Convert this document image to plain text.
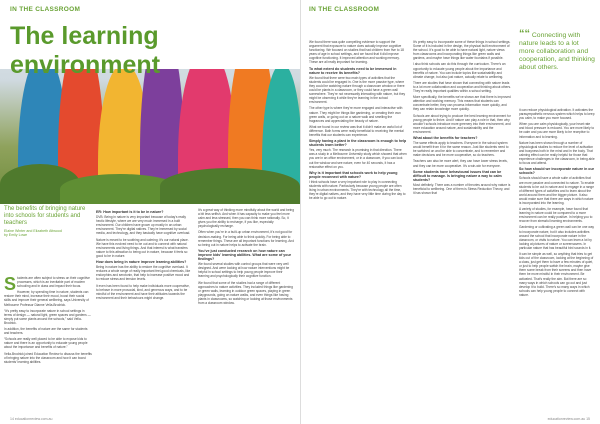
The learning environment
IN THE CLASSROOM
The benefits of bringing nature into schools for students and teachers
Elaine Winter and Elizabeth Attwood
by Emily Lowe

Students are often subject to stress on their cognitive processes, which is an inevitable part of modern schooling and in class and impact their focus.

However, by spending time in nature, students can restore their mind, increase their mood, boost their social skills and improve their general wellbeing, says University of Melbourne Professor Dianne Vella-Brodrick.

“It’s pretty easy to incorporate nature in school settings in terms of design — natural light, green spaces and gardens — simply put some plants around the schools,” said Vella-Brodrick.

In addition, the benefits of nature are the same for students and teachers.

“Schools are really well placed to be able to expose kids to nature and there is an opportunity to educate young people about the importance and benefits of nature.”

Vella-Brodrick joined Education Review to discuss the benefits of bringing nature into the classroom and how it can boost students’ learning abilities.

ER: How important is it to be in nature?

DVB: Being in nature is very important because of today’s really hectic lifestyle, where we are very much immersed in a built environment. Our children have grown up mostly in an urban environment. They’re digital natives. They’re immersed by social media, and technology, and they basically have cognitive overload.

Nature is meant to be soothing and calming; it’s our natural place. We have this evolved need to be out and to connect with natural environments and living things. And that interest is what transfers nature to this attraction to being out in nature, because it feels so good to be in nature.

How does being in nature improve learning abilities?

Being in nature has the ability to restore the cognitive overload. It reduces a whole range of really important feel-good chemicals, like endorphins and serotonin, that help to increase positive mood and to reduce stress and tension levels.

It even has been found to help make individuals more cooperative, to behave in more prosocial, kind, and generous ways, and to be mindful of the environment and have their attitudes towards the environment and their behaviours might change.

It’s a great way of thinking more mindfully about the world and being a bit less selfish. And when it has capacity to make you feel more calm and less stressed, then you can think more rationally. So, it gives you the ability to recharge, if you like, especially psychologically recharge.

Often when you’re in a built-up urban environment, it’s not good for decision-making. For being able to think quickly. For being able to remember things. These are all important functions for learning. And so being out in nature helps to activate the brain.

You’ve just conducted research on how nature can improve kids’ learning abilities. What are some of your findings?

We found several studies with control groups that were very well designed. And were looking at how nature interventions might be helpful in school settings to help young people improve their learning and psychologically their cognitive function.

We found that some of the studies had a range of different approaches to nature activities. They included things like gardening or green walls, learning in outdoor green spaces, playing in green playgrounds, going on nature walks, and even things like having plants in classrooms, so watching or looking at those environments from a classroom window.

14 educationreview.com.au
IN THE CLASSROOM

We found there was quite compelling evidence to support the argument that exposure to nature does actually improve cognitive functioning. We focused on studies that had children from five to 18 years of age in school settings, and we found that it did improve cognitive functioning. It improved attention and working memory. These are all really important for learning.

To what extent do students need to be immersed in nature to receive its benefits?

We found that there were two main types of activities that the students could be engaged in. One is the more passive type, where they could be watching nature through a classroom window or there could be plants in a classroom, or they could have a green wall somewhere. They’re not necessarily interacting with nature, but they might be observing it while they’re learning in the school environment.

The other type is where they’re more engaged and interactive with nature. They might be things like gardening, or creating their own green walls, or going out on a nature walk and smelling the fragrances and appreciating the beauty of nature.

What we found in our review was that it didn’t make an awful lot of difference. Both forms were really beneficial to receiving the mental benefits that our students can experience.

Simply having a plant in the classroom is enough to help students learn better?

Yes, very much. The research is promising in that direction. There was a study in a Melbourne University study which showed that when you are in an office environment, or in a classroom, if you can look out the window and see nature, even for 40 seconds, it has a restorative effect on you.

Why is it important that schools work to help young people reconnect with nature?

I think schools have a very important role to play in connecting students with nature. Particularly because young people are often living in urban environments. They’re with technology all the time, they’re digital natives, and they have very little time during the day to be able to go out to nature.

It’s pretty easy to incorporate some of these things in school settings. Some of it is included in the design, the physical built environment of the school. It’s good to be able to have natural light, nature views from classrooms and incorporating things like green walls and gardens, and maybe have things like water fountains if possible.

I also think schools can do this through the curriculum. There’s an opportunity to educate young people about the importance and benefits of nature. You can include topics like sustainability and climate change, but also just nature, actually relate to wellbeing.

There are studies that have shown that connecting with nature leads to a lot more collaboration and cooperation and thinking about others. They’re really important qualities within a school setting.

More specifically, the benefits we’ve shown are that there is improved attention and working memory. This means that students can concentrate better, they can process information more quickly, and they can retain knowledge more quickly.

Schools are about trying to produce the best learning environment for young people to thrive. And if nature can play a role in that, then why wouldn’t schools introduce more greenery into their environment, and more education around nature, and sustainability and the environment.

What about the benefits for teachers?

The same effects apply to teachers. Everyone in the school system would benefit from it for the same reason. Just like students need to be switched on and be able to concentrate, and to remember and make decisions and be more cooperative, so do teachers.

Teachers can also be more alert, they can have lower stress levels, and they can be more cooperative. It’s a win-win for everyone.

Some students have behavioural issues that can be difficult to manage. Is bringing nature a way to calm students?

Most definitely. There was a number of theories around why nature is beneficial to wellbeing. One of them is Stress Reduction Theory, and it has shown that

““ Connecting with nature leads to a lot more collaboration and cooperation, and thinking about others.

it can reduce physiological activation. It activates the parasympathetic nervous system which helps to keep you calm, to make you more focused.

When you are calm physiologically, your heart rate and blood pressure is reduced. You are more likely to be calm and you are more likely to be receptive to information and to learning.

Nature has been shown through a number of physiological studies to reduce the level of activation and busyness both in the mind and in the body. That calming effect can be really helpful for those that experience challenges in the classroom, in being able to focus and attend.

So how should we incorporate nature in our schools?

Schools should have a whole suite of activities that are more passive and connected to nature. To enable students to be out in nature and to engage in a range of different types of activities and to learn about the world around them and the bigger picture. It also would make sure that there are ways in which nature is incorporated into the learning.

A variety of studies, for example, have found that learning in nature could be compared to a more environment can be really positive. In helping you to recover from stressful learning environments.

Gardening or cultivating a green wall can be one way to incorporate nature, but it also includes activities around the school that incorporate nature in the classroom, or visits to nature. You can learn a lot by looking at pictures of nature or screensavers. In particular nature that has beautiful bird sounds in it.

It can be simple as well, so anything that tries to get kids out of the classroom, looking at the beginning of a class, just get them to have a few minutes of quiet, or just to help people switch the brain, maybe give them some break from their screens and then have them be more mindful in their environment. Be activated. That’s really the aim. But there are so many ways in which schools can go out and just develop it to build. There’s so many ways in which schools can help young people to connect with nature.

educationreview.com.au 15
